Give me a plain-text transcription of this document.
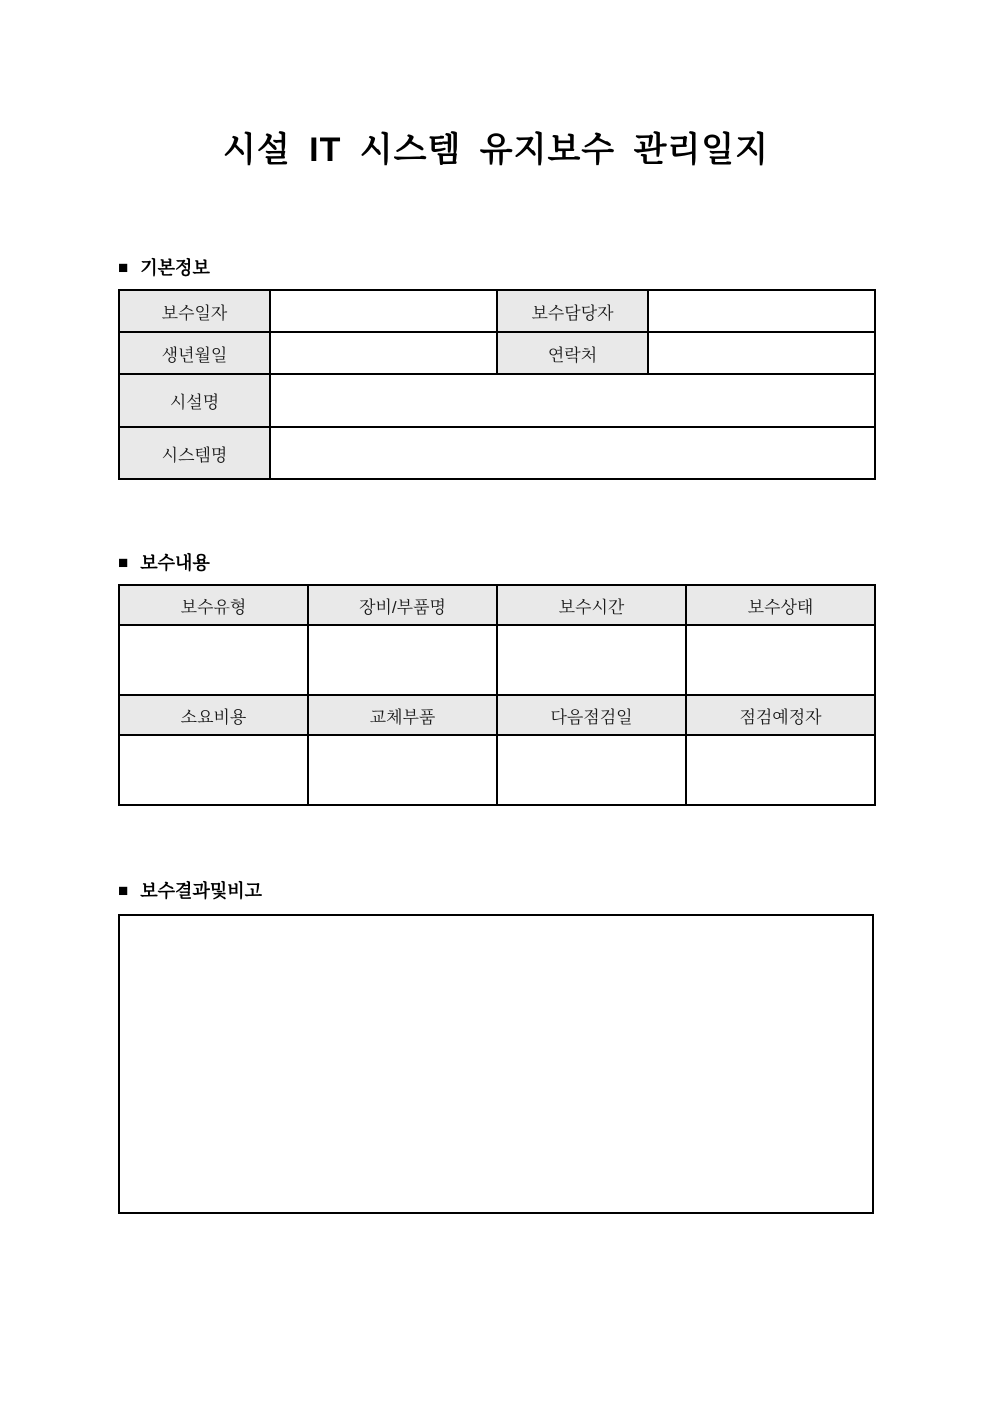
시설 IT 시스템 유지보수 관리일지
■ 기본정보
보수일자		보수담당자	
생년월일		연락처	
시설명			
시스템명			
■ 보수내용
보수유형	장비/부품명	보수시간	보수상태

소요비용	교체부품	다음점검일	점검예정자

■ 보수결과및비고
